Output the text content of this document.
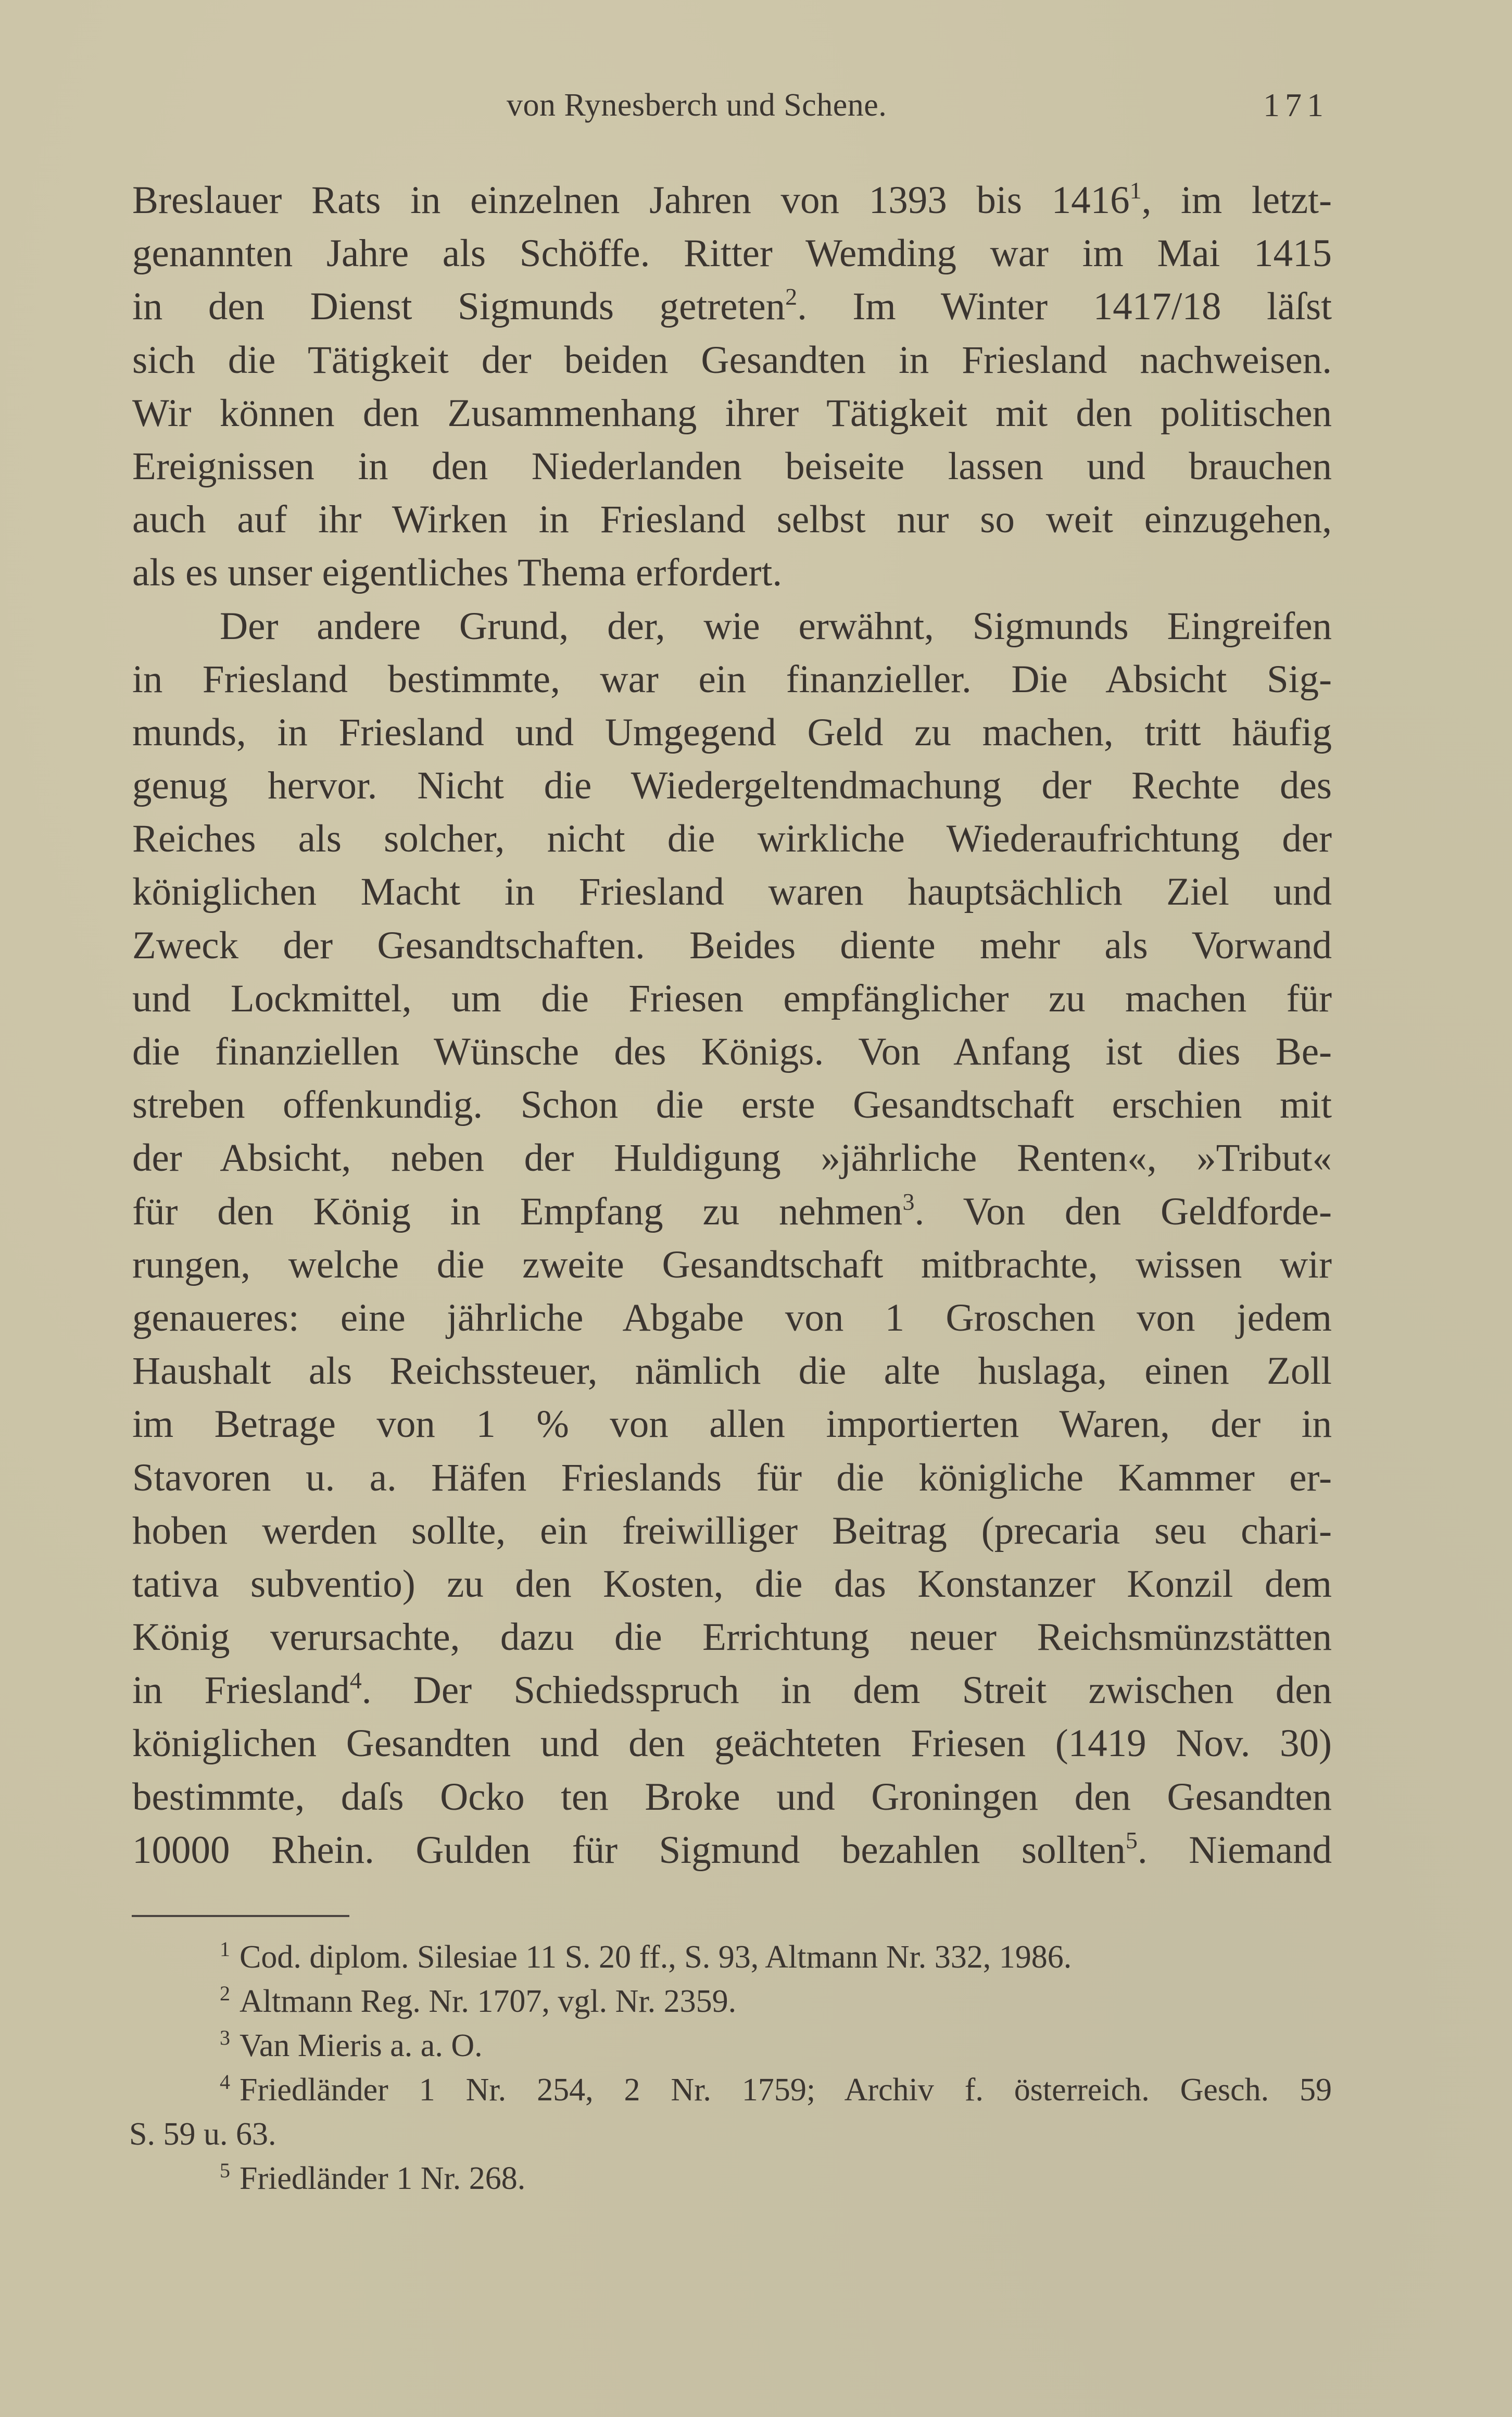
von Rynesberch und Schene.	171
Breslauer Rats in einzelnen Jahren von 1393 bis 1416$^1$, im letzt-
genannten Jahre als Schöffe. Ritter Wemding war im Mai 1415
in den Dienst Sigmunds getreten$^2$. Im Winter 1417/18 läſst
sich die Tätigkeit der beiden Gesandten in Friesland nachweisen.
Wir können den Zusammenhang ihrer Tätigkeit mit den politischen
Ereignissen in den Niederlanden beiseite lassen und brauchen
auch auf ihr Wirken in Friesland selbst nur so weit einzugehen,
als es unser eigentliches Thema erfordert.
Der andere Grund, der, wie erwähnt, Sigmunds Eingreifen
in Friesland bestimmte, war ein finanzieller. Die Absicht Sig-
munds, in Friesland und Umgegend Geld zu machen, tritt häufig
genug hervor. Nicht die Wiedergeltendmachung der Rechte des
Reiches als solcher, nicht die wirkliche Wiederaufrichtung der
königlichen Macht in Friesland waren hauptsächlich Ziel und
Zweck der Gesandtschaften. Beides diente mehr als Vorwand
und Lockmittel, um die Friesen empfänglicher zu machen für
die finanziellen Wünsche des Königs. Von Anfang ist dies Be-
streben offenkundig. Schon die erste Gesandtschaft erschien mit
der Absicht, neben der Huldigung »jährliche Renten«, »Tribut«
für den König in Empfang zu nehmen$^3$. Von den Geldforde-
rungen, welche die zweite Gesandtschaft mitbrachte, wissen wir
genaueres: eine jährliche Abgabe von 1 Groschen von jedem
Haushalt als Reichssteuer, nämlich die alte huslaga, einen Zoll
im Betrage von 1 % von allen importierten Waren, der in
Stavoren u. a. Häfen Frieslands für die königliche Kammer er-
hoben werden sollte, ein freiwilliger Beitrag (precaria seu chari-
tativa subventio) zu den Kosten, die das Konstanzer Konzil dem
König verursachte, dazu die Errichtung neuer Reichsmünzstätten
in Friesland$^4$. Der Schiedsspruch in dem Streit zwischen den
königlichen Gesandten und den geächteten Friesen (1419 Nov. 30)
bestimmte, daſs Ocko ten Broke und Groningen den Gesandten
10000 Rhein. Gulden für Sigmund bezahlen sollten$^5$. Niemand
$^1$ Cod. diplom. Silesiae 11 S. 20 ff., S. 93, Altmann Nr. 332, 1986.
$^2$ Altmann Reg. Nr. 1707, vgl. Nr. 2359.
$^3$ Van Mieris a. a. O.
$^4$ Friedländer 1 Nr. 254, 2 Nr. 1759; Archiv f. österreich. Gesch. 59
S. 59 u. 63.
$^5$ Friedländer 1 Nr. 268.
